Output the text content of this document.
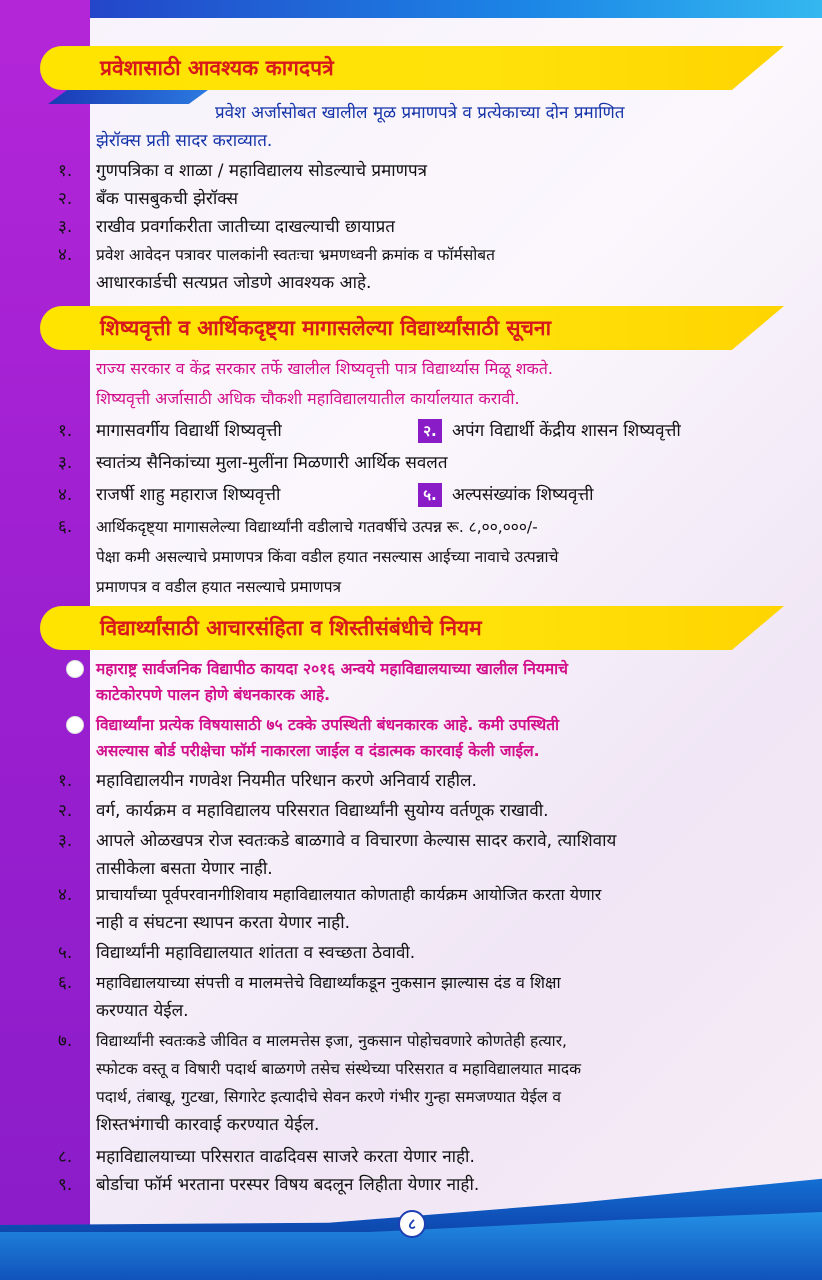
प्रवेशासाठी आवश्यक कागदपत्रे
प्रवेश अर्जासोबत खालील मूळ प्रमाणपत्रे व प्रत्येकाच्या दोन प्रमाणित
झेरॉक्स प्रती सादर कराव्यात.
१.	गुणपत्रिका व शाळा / महाविद्यालय सोडल्याचे प्रमाणपत्र
२.	बँक पासबुकची झेरॉक्स
३.	राखीव प्रवर्गाकरीता जातीच्या दाखल्याची छायाप्रत
४.	प्रवेश आवेदन पत्रावर पालकांनी स्वतःचा भ्रमणध्वनी क्रमांक व फॉर्मसोबत
आधारकार्डची सत्यप्रत जोडणे आवश्यक आहे.
शिष्यवृत्ती व आर्थिकदृष्ट्या मागासलेल्या विद्यार्थ्यांसाठी सूचना
राज्य सरकार व केंद्र सरकार तर्फे खालील शिष्यवृत्ती पात्र विद्यार्थ्यास मिळू शकते.
शिष्यवृत्ती अर्जासाठी अधिक चौकशी महाविद्यालयातील कार्यालयात करावी.
१.	मागासवर्गीय विद्यार्थी शिष्यवृत्ती	२. अपंग विद्यार्थी केंद्रीय शासन शिष्यवृत्ती
३.	स्वातंत्र्य सैनिकांच्या मुला-मुलींना मिळणारी आर्थिक सवलत
४.	राजर्षी शाहु महाराज शिष्यवृत्ती	५. अल्पसंख्यांक शिष्यवृत्ती
६.	आर्थिकदृष्ट्या मागासलेल्या विद्यार्थ्यांनी वडीलाचे गतवर्षीचे उत्पन्न रू. ८,००,०००/-
पेक्षा कमी असल्याचे प्रमाणपत्र किंवा वडील हयात नसल्यास आईच्या नावाचे उत्पन्नाचे
प्रमाणपत्र व वडील हयात नसल्याचे प्रमाणपत्र
विद्यार्थ्यांसाठी आचारसंहिता व शिस्तीसंबंधीचे नियम
महाराष्ट्र सार्वजनिक विद्यापीठ कायदा २०१६ अन्वये महाविद्यालयाच्या खालील नियमाचे
काटेकोरपणे पालन होणे बंधनकारक आहे.
विद्यार्थ्यांना प्रत्येक विषयासाठी ७५ टक्के उपस्थिती बंधनकारक आहे. कमी उपस्थिती
असल्यास बोर्ड परीक्षेचा फॉर्म नाकारला जाईल व दंडात्मक कारवाई केली जाईल.
१.	महाविद्यालयीन गणवेश नियमीत परिधान करणे अनिवार्य राहील.
२.	वर्ग, कार्यक्रम व महाविद्यालय परिसरात विद्यार्थ्यांनी सुयोग्य वर्तणूक राखावी.
३.	आपले ओळखपत्र रोज स्वतःकडे बाळगावे व विचारणा केल्यास सादर करावे, त्याशिवाय
तासीकेला बसता येणार नाही.
४.	प्राचार्यांच्या पूर्वपरवानगीशिवाय महाविद्यालयात कोणताही कार्यक्रम आयोजित करता येणार
नाही व संघटना स्थापन करता येणार नाही.
५.	विद्यार्थ्यांनी महाविद्यालयात शांतता व स्वच्छता ठेवावी.
६.	महाविद्यालयाच्या संपत्ती व मालमत्तेचे विद्यार्थ्यांकडून नुकसान झाल्यास दंड व शिक्षा
करण्यात येईल.
७.	विद्यार्थ्यांनी स्वतःकडे जीवित व मालमत्तेस इजा, नुकसान पोहोचवणारे कोणतेही हत्यार,
स्फोटक वस्तू व विषारी पदार्थ बाळगणे तसेच संस्थेच्या परिसरात व महाविद्यालयात मादक
पदार्थ, तंबाखू, गुटखा, सिगारेट इत्यादीचे सेवन करणे गंभीर गुन्हा समजण्यात येईल व
शिस्तभंगाची कारवाई करण्यात येईल.
८.	महाविद्यालयाच्या परिसरात वाढदिवस साजरे करता येणार नाही.
९.	बोर्डाचा फॉर्म भरताना परस्पर विषय बदलून लिहीता येणार नाही.
८
